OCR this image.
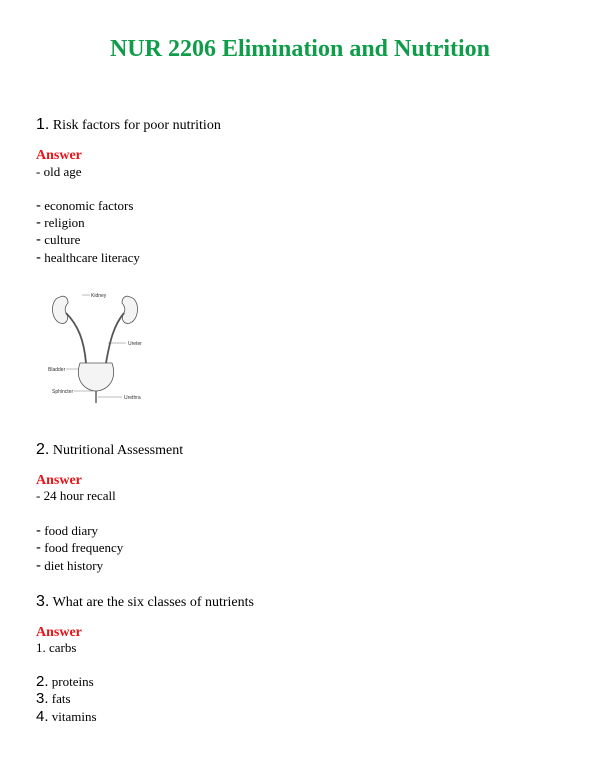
NUR 2206 Elimination and Nutrition
1. Risk factors for poor nutrition
Answer
- old age
- economic factors
- religion
- culture
- healthcare literacy
Kidney
Ureter
Bladder
Sphincter
Urethra
2. Nutritional Assessment
Answer
- 24 hour recall
- food diary
- food frequency
- diet history
3. What are the six classes of nutrients
Answer
1. carbs
2. proteins
3. fats
4. vitamins
